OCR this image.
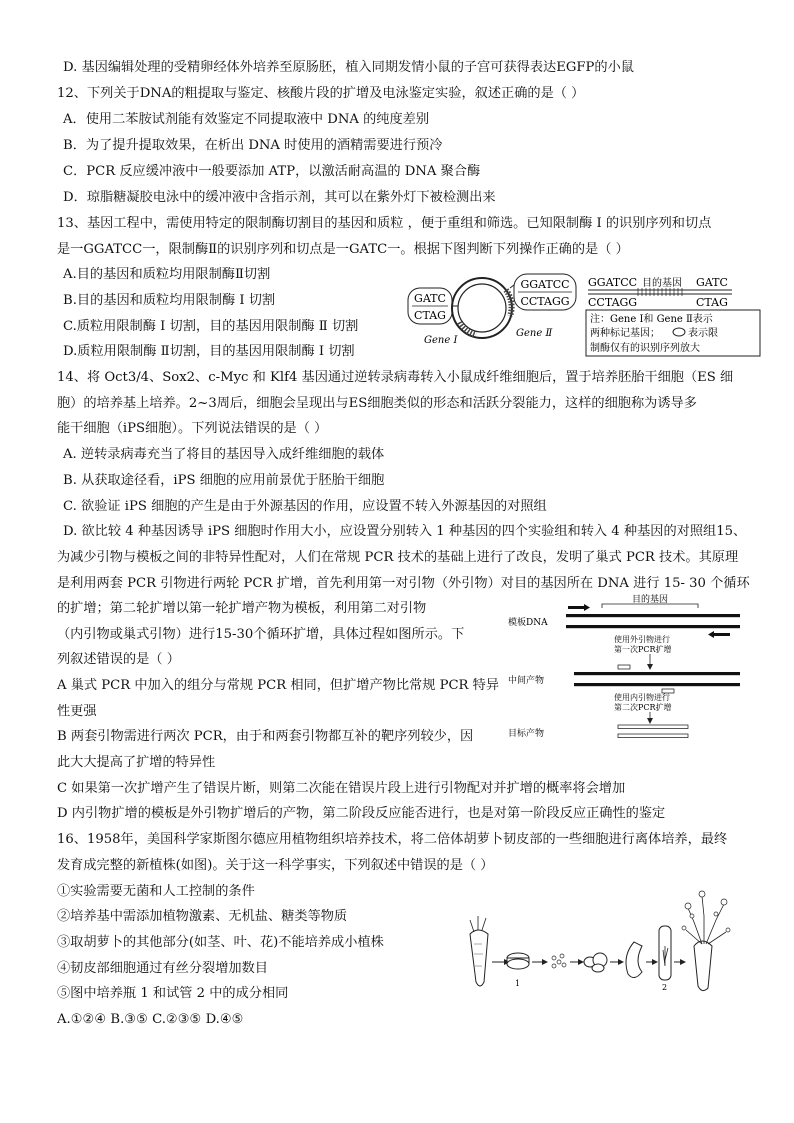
D. 基因编辑处理的受精卵经体外培养至原肠胚，植入同期发情小鼠的子宫可获得表达EGFP的小鼠
12、下列关于DNA的粗提取与鉴定、核酸片段的扩增及电泳鉴定实验，叙述正确的是（ ）
A．使用二苯胺试剂能有效鉴定不同提取液中 DNA 的纯度差别
B．为了提升提取效果，在析出 DNA 时使用的酒精需要进行预冷
C．PCR 反应缓冲液中一般要添加 ATP，以激活耐高温的 DNA 聚合酶
D．琼脂糖凝胶电泳中的缓冲液中含指示剂，其可以在紫外灯下被检测出来
13、基因工程中，需使用特定的限制酶切割目的基因和质粒 ，便于重组和筛选。已知限制酶 I 的识别序列和切点
是一GGATCC一，限制酶Ⅱ的识别序列和切点是一GATC一。根据下图判断下列操作正确的是（ ）
A.目的基因和质粒均用限制酶Ⅱ切割
B.目的基因和质粒均用限制酶 I 切割
C.质粒用限制酶 I 切割，目的基因用限制酶 Ⅱ 切割
D.质粒用限制酶 Ⅱ切割，目的基因用限制酶 I 切割
14、将 Oct3/4、Sox2、c-Myc 和 Klf4 基因通过逆转录病毒转入小鼠成纤维细胞后，置于培养胚胎干细胞（ES 细
胞）的培养基上培养。2~3周后，细胞会呈现出与ES细胞类似的形态和活跃分裂能力，这样的细胞称为诱导多
能干细胞（iPS细胞）。下列说法错误的是（ ）
A. 逆转录病毒充当了将目的基因导入成纤维细胞的载体
B. 从获取途径看，iPS 细胞的应用前景优于胚胎干细胞
C. 欲验证 iPS 细胞的产生是由于外源基因的作用，应设置不转入外源基因的对照组
D. 欲比较 4 种基因诱导 iPS 细胞时作用大小，应设置分别转入 1 种基因的四个实验组和转入 4 种基因的对照组15、
为减少引物与模板之间的非特异性配对，人们在常规 PCR 技术的基础上进行了改良，发明了巢式 PCR 技术。其原理
是利用两套 PCR 引物进行两轮 PCR 扩增，首先利用第一对引物（外引物）对目的基因所在 DNA 进行 15- 30 个循环
的扩增；第二轮扩增以第一轮扩增产物为模板，利用第二对引物
（内引物或巢式引物）进行15-30个循环扩增，具体过程如图所示。下
列叙述错误的是（ ）
A 巢式 PCR 中加入的组分与常规 PCR 相同，但扩增产物比常规 PCR 特异
性更强
B 两套引物需进行两次 PCR，由于和两套引物都互补的靶序列较少，因
此大大提高了扩增的特异性
C 如果第一次扩增产生了错误片断，则第二次能在错误片段上进行引物配对并扩增的概率将会增加
D 内引物扩增的模板是外引物扩增后的产物，第二阶段反应能否进行，也是对第一阶段反应正确性的鉴定
16、1958年，美国科学家斯图尔德应用植物组织培养技术，将二倍体胡萝卜韧皮部的一些细胞进行离体培养，最终
发育成完整的新植株(如图)。关于这一科学事实，下列叙述中错误的是（ ）
①实验需要无菌和人工控制的条件
②培养基中需添加植物激素、无机盐、糖类等物质
③取胡萝卜的其他部分(如茎、叶、花)不能培养成小植株
④韧皮部细胞通过有丝分裂增加数目
⑤图中培养瓶 1 和试管 2 中的成分相同
A.①②④ B.③⑤ C.②③⑤ D.④⑤
GATC
CTAG
Gene Ⅰ
Gene Ⅱ
GGATCC
CCTAGG
GGATCC 目的基因 GATC
CCTAGG	CTAG
注：Gene Ⅰ和 Gene Ⅱ表示
两种标记基因；	表示限
制酶仅有的识别序列放大
目的基因
模板DNA
使用外引物进行
第一次PCR扩增
中间产物
使用内引物进行
第二次PCR扩增
目标产物
1	2
